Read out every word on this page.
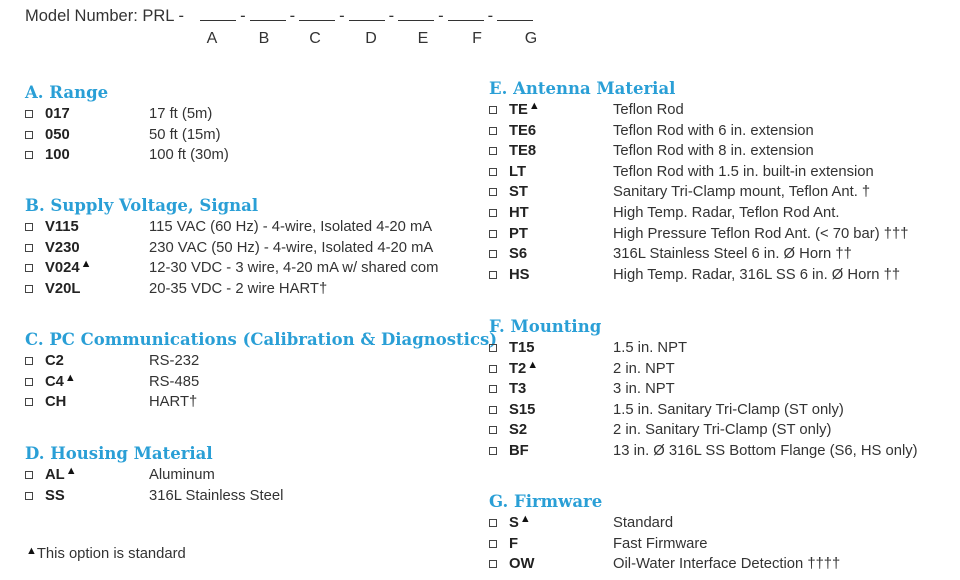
Model Number: PRL -	-	-	-	-	-	-
A	B C	D	E	F	G
A. Range
017	17 ft (5m)
050	50 ft (15m)
100	100 ft (30m)
B. Supply Voltage, Signal
V115	115 VAC (60 Hz) - 4-wire, Isolated 4-20 mA
V230	230 VAC (50 Hz) - 4-wire, Isolated 4-20 mA
V024▲	12-30 VDC - 3 wire, 4-20 mA w/ shared com
V20L	20-35 VDC - 2 wire HART†
C. PC Communications (Calibration & Diagnostics)
C2	RS-232
C4▲	RS-485
CH	HART†
D. Housing Material
AL▲	Aluminum
SS	316L Stainless Steel
E. Antenna Material
TE▲	Teflon Rod
TE6	Teflon Rod with 6 in. extension
TE8	Teflon Rod with 8 in. extension
LT	Teflon Rod with 1.5 in. built-in extension
ST	Sanitary Tri-Clamp mount, Teflon Ant. †
HT	High Temp. Radar, Teflon Rod Ant.
PT	High Pressure Teflon Rod Ant. (< 70 bar) †††
S6	316L Stainless Steel 6 in. Ø Horn ††
HS	High Temp. Radar, 316L SS 6 in. Ø Horn ††
F. Mounting
T15	1.5 in. NPT
T2▲	2 in. NPT
T3	3 in. NPT
S15	1.5 in. Sanitary Tri-Clamp (ST only)
S2	2 in. Sanitary Tri-Clamp (ST only)
BF	13 in. Ø 316L SS Bottom Flange (S6, HS only)
G. Firmware
S▲	Standard
F	Fast Firmware
OW	Oil-Water Interface Detection ††††
▲This option is standard
